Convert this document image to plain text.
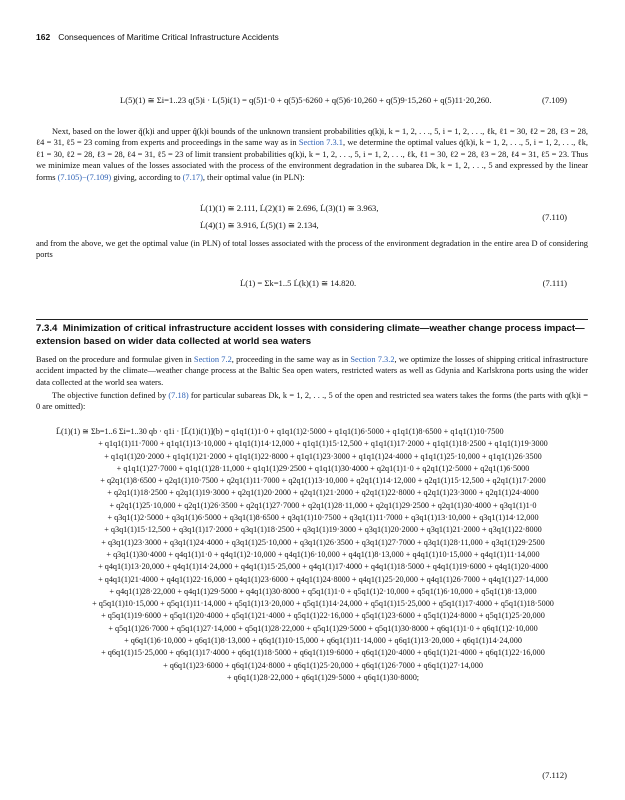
162 Consequences of Maritime Critical Infrastructure Accidents
L(5)(1) ≅ Σi=1..23 q(5)i · L(5)i(1) = q(5)1·0 + q(5)5·6260 + q(5)6·10,260 + q(5)9·15,260 + q(5)11·20,260.	(7.109)
Next, based on the lower q̌(k)i and upper q̂(k)i bounds of the unknown transient probabilities q(k)i, k = 1, 2, . . ., 5, i = 1, 2, . . ., ℓk, ℓ1 = 30, ℓ2 = 28, ℓ3 = 28, ℓ4 = 31, ℓ5 = 23 coming from experts and proceedings in the same way as in Section 7.3.1, we determine the optimal values q̇(k)i, k = 1, 2, . . ., 5, i = 1, 2, . . ., ℓk, ℓ1 = 30, ℓ2 = 28, ℓ3 = 28, ℓ4 = 31, ℓ5 = 23 of limit transient probabilities q(k)i, k = 1, 2, . . ., 5, i = 1, 2, . . ., ℓk, ℓ1 = 30, ℓ2 = 28, ℓ3 = 28, ℓ4 = 31, ℓ5 = 23. Thus we minimize mean values of the losses associated with the process of the environment degradation in the subarea Dk, k = 1, 2, . . ., 5 and expressed by the linear forms (7.105)−(7.109) giving, according to (7.17), their optimal value (in PLN):
L̇(1)(1) ≅ 2.111, L̇(2)(1) ≅ 2.696, L̇(3)(1) ≅ 3.963,
L̇(4)(1) ≅ 3.916, L̇(5)(1) ≅ 2.134,
(7.110)
and from the above, we get the optimal value (in PLN) of total losses associated with the process of the environment degradation in the entire area D of considering ports
L̇(1) = Σk=1..5 L̇(k)(1) ≅ 14.820.	(7.111)
7.3.4 Minimization of critical infrastructure accident losses with considering climate—weather change process impact—extension based on wider data collected at world sea waters
Based on the procedure and formulae given in Section 7.2, proceeding in the same way as in Section 7.3.2, we optimize the losses of shipping critical infrastructure accident impacted by the climate—weather change process at the Baltic Sea open waters, restricted waters as well as Gdynia and Karlskrona ports using the wider data collected at the world sea waters.
The objective function defined by (7.18) for particular subareas Dk, k = 1, 2, . . ., 5 of the open and restricted sea waters takes the forms (the parts with q(k)i = 0 are omitted):
L̄(1)(1) ≅ Σb=1..6 Σi=1..30 qb · q1i · [L̄(1)i(1)](b) = q1q1(1)1·0 + q1q1(1)2·5000 + q1q1(1)6·5000 + q1q1(1)8·6500 + q1q1(1)10·7500
+ q1q1(1)11·7000 + q1q1(1)13·10,000 + q1q1(1)14·12,000 + q1q1(1)15·12,500 + q1q1(1)17·2000 + q1q1(1)18·2500 + q1q1(1)19·3000
+ q1q1(1)20·2000 + q1q1(1)21·2000 + q1q1(1)22·8000 + q1q1(1)23·3000 + q1q1(1)24·4000 + q1q1(1)25·10,000 + q1q1(1)26·3500
+ q1q1(1)27·7000 + q1q1(1)28·11,000 + q1q1(1)29·2500 + q1q1(1)30·4000 + q2q1(1)1·0 + q2q1(1)2·5000 + q2q1(1)6·5000
+ q2q1(1)8·6500 + q2q1(1)10·7500 + q2q1(1)11·7000 + q2q1(1)13·10,000 + q2q1(1)14·12,000 + q2q1(1)15·12,500 + q2q1(1)17·2000
+ q2q1(1)18·2500 + q2q1(1)19·3000 + q2q1(1)20·2000 + q2q1(1)21·2000 + q2q1(1)22·8000 + q2q1(1)23·3000 + q2q1(1)24·4000
+ q2q1(1)25·10,000 + q2q1(1)26·3500 + q2q1(1)27·7000 + q2q1(1)28·11,000 + q2q1(1)29·2500 + q2q1(1)30·4000 + q3q1(1)1·0
+ q3q1(1)2·5000 + q3q1(1)6·5000 + q3q1(1)8·6500 + q3q1(1)10·7500 + q3q1(1)11·7000 + q3q1(1)13·10,000 + q3q1(1)14·12,000
+ q3q1(1)15·12,500 + q3q1(1)17·2000 + q3q1(1)18·2500 + q3q1(1)19·3000 + q3q1(1)20·2000 + q3q1(1)21·2000 + q3q1(1)22·8000
+ q3q1(1)23·3000 + q3q1(1)24·4000 + q3q1(1)25·10,000 + q3q1(1)26·3500 + q3q1(1)27·7000 + q3q1(1)28·11,000 + q3q1(1)29·2500
+ q3q1(1)30·4000 + q4q1(1)1·0 + q4q1(1)2·10,000 + q4q1(1)6·10,000 + q4q1(1)8·13,000 + q4q1(1)10·15,000 + q4q1(1)11·14,000
+ q4q1(1)13·20,000 + q4q1(1)14·24,000 + q4q1(1)15·25,000 + q4q1(1)17·4000 + q4q1(1)18·5000 + q4q1(1)19·6000 + q4q1(1)20·4000
+ q4q1(1)21·4000 + q4q1(1)22·16,000 + q4q1(1)23·6000 + q4q1(1)24·8000 + q4q1(1)25·20,000 + q4q1(1)26·7000 + q4q1(1)27·14,000
+ q4q1(1)28·22,000 + q4q1(1)29·5000 + q4q1(1)30·8000 + q5q1(1)1·0 + q5q1(1)2·10,000 + q5q1(1)6·10,000 + q5q1(1)8·13,000
+ q5q1(1)10·15,000 + q5q1(1)11·14,000 + q5q1(1)13·20,000 + q5q1(1)14·24,000 + q5q1(1)15·25,000 + q5q1(1)17·4000 + q5q1(1)18·5000
+ q5q1(1)19·6000 + q5q1(1)20·4000 + q5q1(1)21·4000 + q5q1(1)22·16,000 + q5q1(1)23·6000 + q5q1(1)24·8000 + q5q1(1)25·20,000
+ q5q1(1)26·7000 + q5q1(1)27·14,000 + q5q1(1)28·22,000 + q5q1(1)29·5000 + q5q1(1)30·8000 + q6q1(1)1·0 + q6q1(1)2·10,000
+ q6q1(1)6·10,000 + q6q1(1)8·13,000 + q6q1(1)10·15,000 + q6q1(1)11·14,000 + q6q1(1)13·20,000 + q6q1(1)14·24,000
+ q6q1(1)15·25,000 + q6q1(1)17·4000 + q6q1(1)18·5000 + q6q1(1)19·6000 + q6q1(1)20·4000 + q6q1(1)21·4000 + q6q1(1)22·16,000
+ q6q1(1)23·6000 + q6q1(1)24·8000 + q6q1(1)25·20,000 + q6q1(1)26·7000 + q6q1(1)27·14,000
+ q6q1(1)28·22,000 + q6q1(1)29·5000 + q6q1(1)30·8000;
(7.112)
